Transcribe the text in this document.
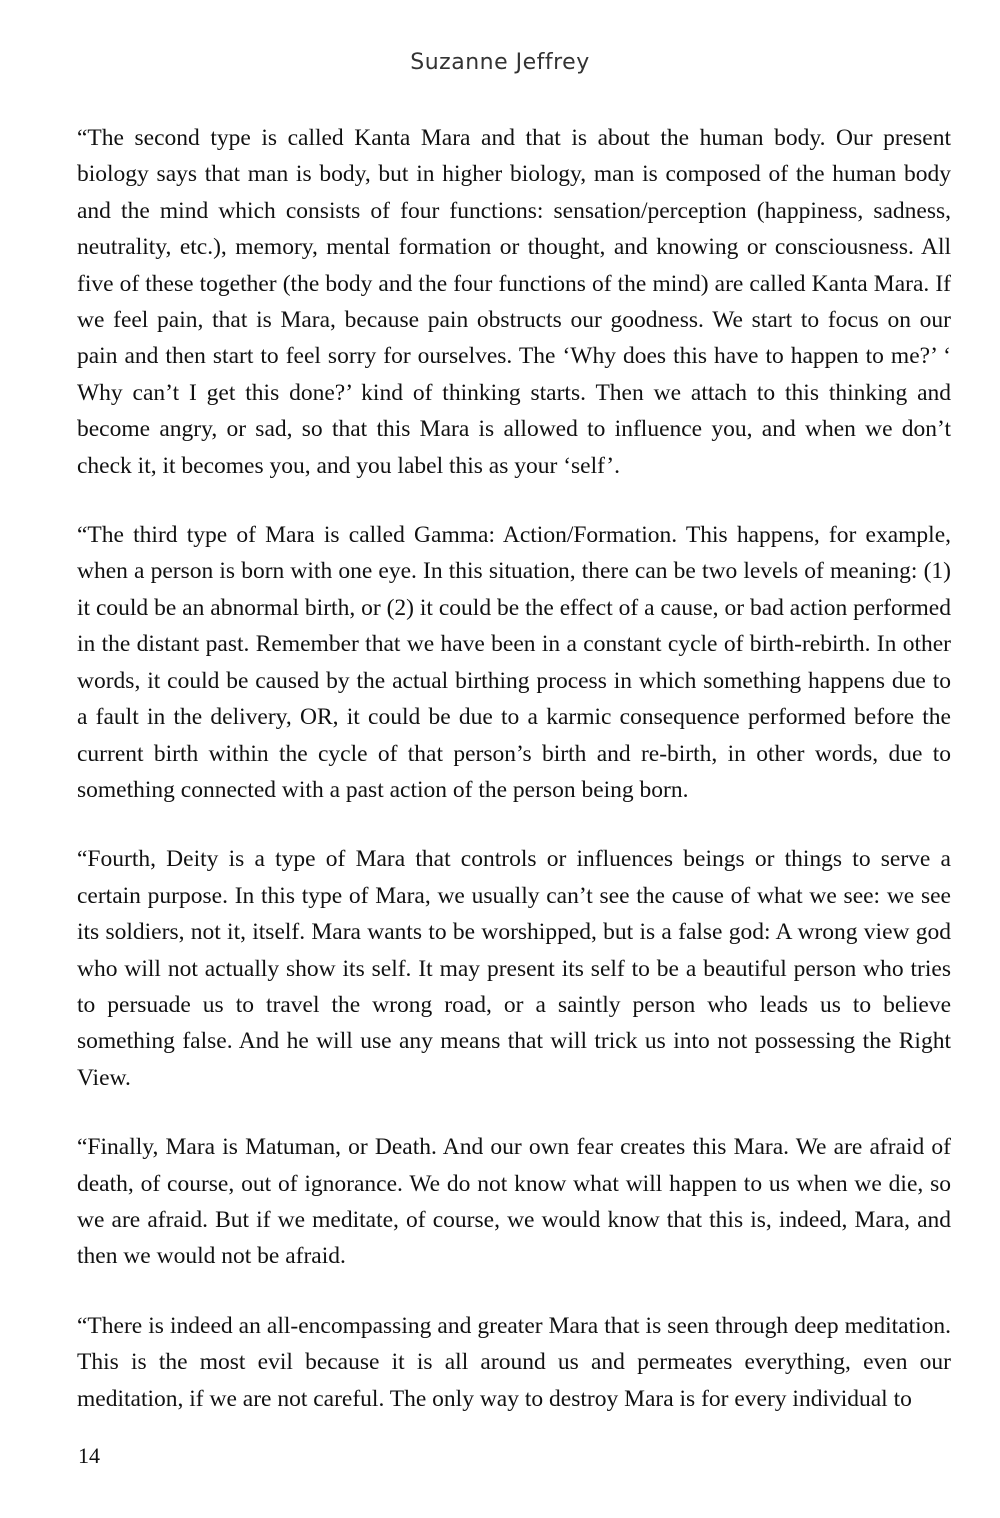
Suzanne Jeffrey

“The second type is called Kanta Mara and that is about the human body. Our present biology says that man is body, but in higher biology, man is composed of the human body and the mind which consists of four functions: sensation/perception (happiness, sadness, neutrality, etc.), memory, mental formation or thought, and knowing or consciousness. All five of these together (the body and the four functions of the mind) are called Kanta Mara. If we feel pain, that is Mara, because pain obstructs our goodness. We start to focus on our pain and then start to feel sorry for ourselves. The ‘Why does this have to happen to me?’ ‘ Why can’t I get this done?’ kind of thinking starts. Then we attach to this thinking and become angry, or sad, so that this Mara is allowed to influence you, and when we don’t check it, it becomes you, and you label this as your ‘self’.

“The third type of Mara is called Gamma: Action/Formation. This happens, for example, when a person is born with one eye. In this situation, there can be two levels of meaning: (1) it could be an abnormal birth, or (2) it could be the effect of a cause, or bad action performed in the distant past. Remember that we have been in a constant cycle of birth-rebirth. In other words, it could be caused by the actual birthing process in which something happens due to a fault in the delivery, OR, it could be due to a karmic consequence performed before the current birth within the cycle of that person’s birth and re-birth, in other words, due to something connected with a past action of the person being born.

“Fourth, Deity is a type of Mara that controls or influences beings or things to serve a certain purpose. In this type of Mara, we usually can’t see the cause of what we see: we see its soldiers, not it, itself. Mara wants to be worshipped, but is a false god: A wrong view god who will not actually show its self. It may present its self to be a beautiful person who tries to persuade us to travel the wrong road, or a saintly person who leads us to believe something false. And he will use any means that will trick us into not possessing the Right View.

“Finally, Mara is Matuman, or Death. And our own fear creates this Mara. We are afraid of death, of course, out of ignorance. We do not know what will happen to us when we die, so we are afraid. But if we meditate, of course, we would know that this is, indeed, Mara, and then we would not be afraid.

“There is indeed an all-encompassing and greater Mara that is seen through deep meditation. This is the most evil because it is all around us and permeates everything, even our meditation, if we are not careful. The only way to destroy Mara is for every individual to

14
